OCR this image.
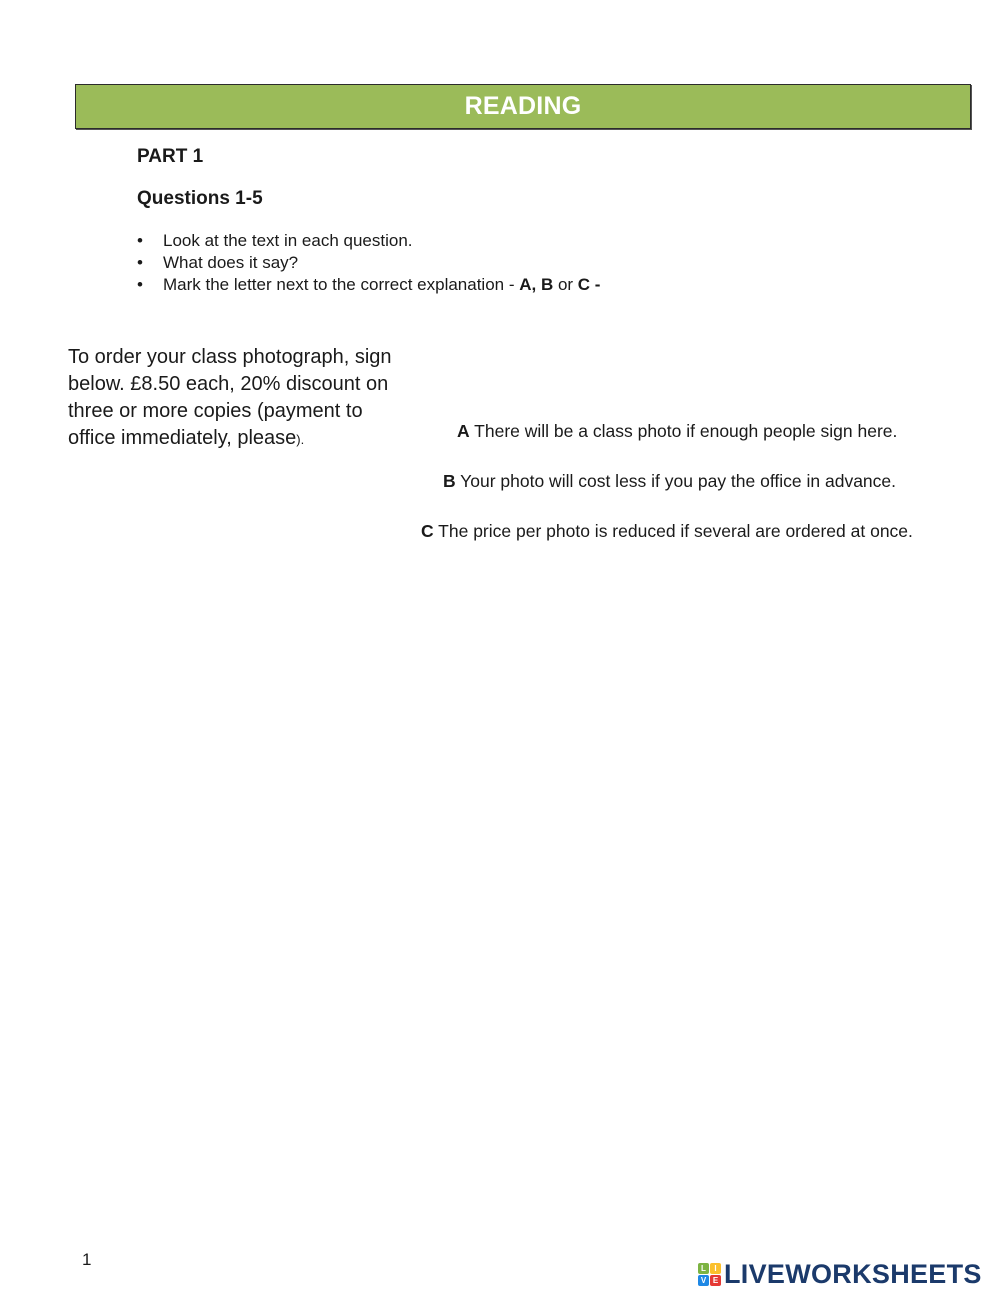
READING
PART 1
Questions 1-5
• Look at the text in each question.
• What does it say?
• Mark the letter next to the correct explanation - A, B or C -
To order your class photograph, sign below. £8.50 each, 20% discount on three or more copies (payment to office immediately, please).	A There will be a class photo if enough people sign here.
B Your photo will cost less if you pay the office in advance.
C The price per photo is reduced if several are ordered at once.
1	L	I
V E LIVEWORKSHEETS
